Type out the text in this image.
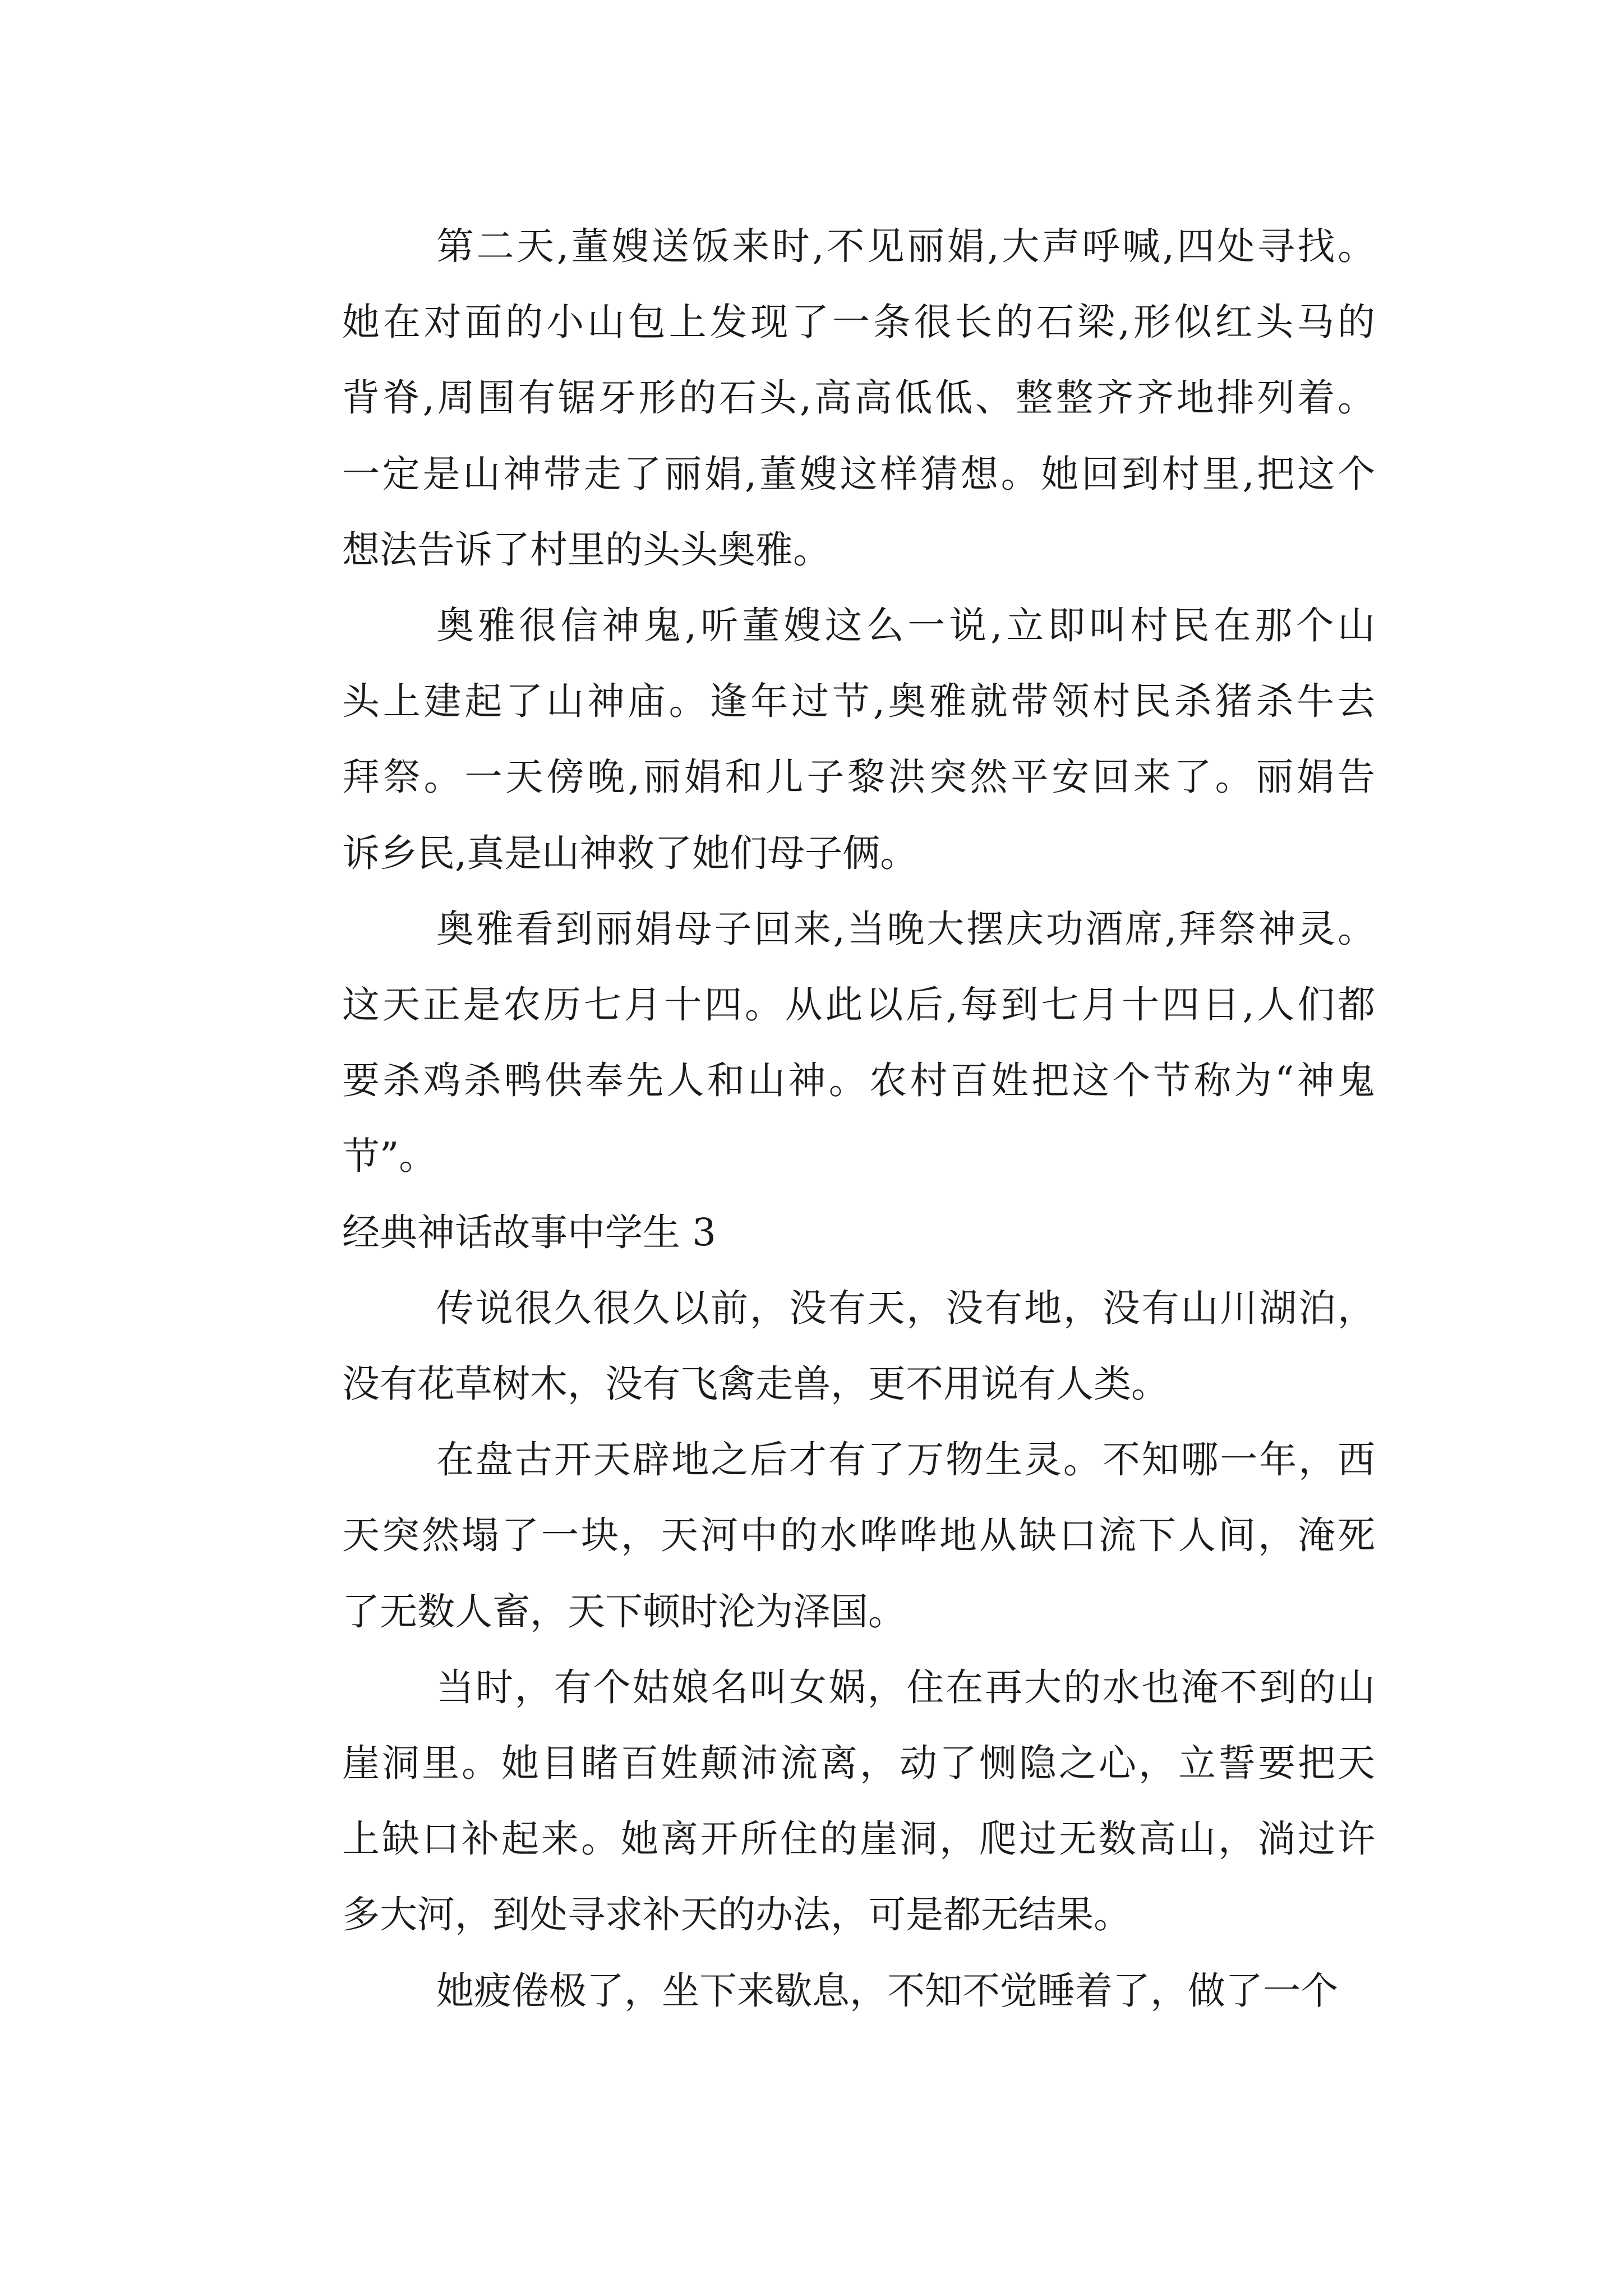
第二天,董嫂送饭来时,不见丽娟,大声呼喊,四处寻找。
她在对面的小山包上发现了一条很长的石梁,形似红头马的
背脊,周围有锯牙形的石头,高高低低、整整齐齐地排列着。
一定是山神带走了丽娟,董嫂这样猜想。她回到村里,把这个
想法告诉了村里的头头奥雅。

奥雅很信神鬼,听董嫂这么一说,立即叫村民在那个山
头上建起了山神庙。逢年过节,奥雅就带领村民杀猪杀牛去
拜祭。一天傍晚,丽娟和儿子黎洪突然平安回来了。丽娟告
诉乡民,真是山神救了她们母子俩。

奥雅看到丽娟母子回来,当晚大摆庆功酒席,拜祭神灵。
这天正是农历七月十四。从此以后,每到七月十四日,人们都
要杀鸡杀鸭供奉先人和山神。农村百姓把这个节称为“神鬼
节”。

经典神话故事中学生 3

传说很久很久以前，没有天，没有地，没有山川湖泊，
没有花草树木，没有飞禽走兽，更不用说有人类。

在盘古开天辟地之后才有了万物生灵。不知哪一年，西
天突然塌了一块，天河中的水哗哗地从缺口流下人间，淹死
了无数人畜，天下顿时沦为泽国。

当时，有个姑娘名叫女娲，住在再大的水也淹不到的山
崖洞里。她目睹百姓颠沛流离，动了恻隐之心，立誓要把天
上缺口补起来。她离开所住的崖洞，爬过无数高山，淌过许
多大河，到处寻求补天的办法，可是都无结果。

她疲倦极了，坐下来歇息，不知不觉睡着了，做了一个
